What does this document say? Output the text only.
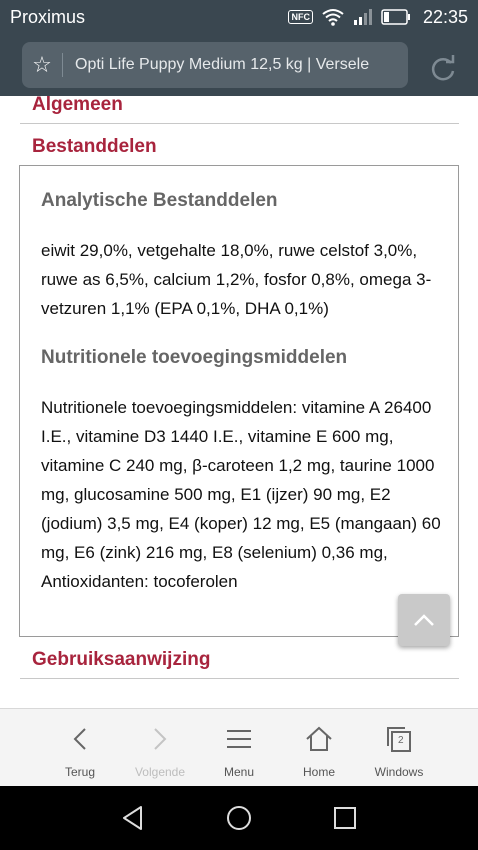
Proximus	NFC	22:35
☆	Opti Life Puppy Medium 12,5 kg | Versele
Algemeen
Bestanddelen
Analytische Bestanddelen

eiwit 29,0%, vetgehalte 18,0%, ruwe celstof 3,0%, ruwe as 6,5%, calcium 1,2%, fosfor 0,8%, omega 3-vetzuren 1,1% (EPA 0,1%, DHA 0,1%)

Nutritionele toevoegingsmiddelen

Nutritionele toevoegingsmiddelen: vitamine A 26400 I.E., vitamine D3 1440 I.E., vitamine E 600 mg, vitamine C 240 mg, β-caroteen 1,2 mg, taurine 1000 mg, glucosamine 500 mg, E1 (ijzer) 90 mg, E2 (jodium) 3,5 mg, E4 (koper) 12 mg, E5 (mangaan) 60 mg, E6 (zink) 216 mg, E8 (selenium) 0,36 mg, Antioxidanten: tocoferolen

Gebruiksaanwijzing
Terug	Volgende	Menu	Home
2
Windows
